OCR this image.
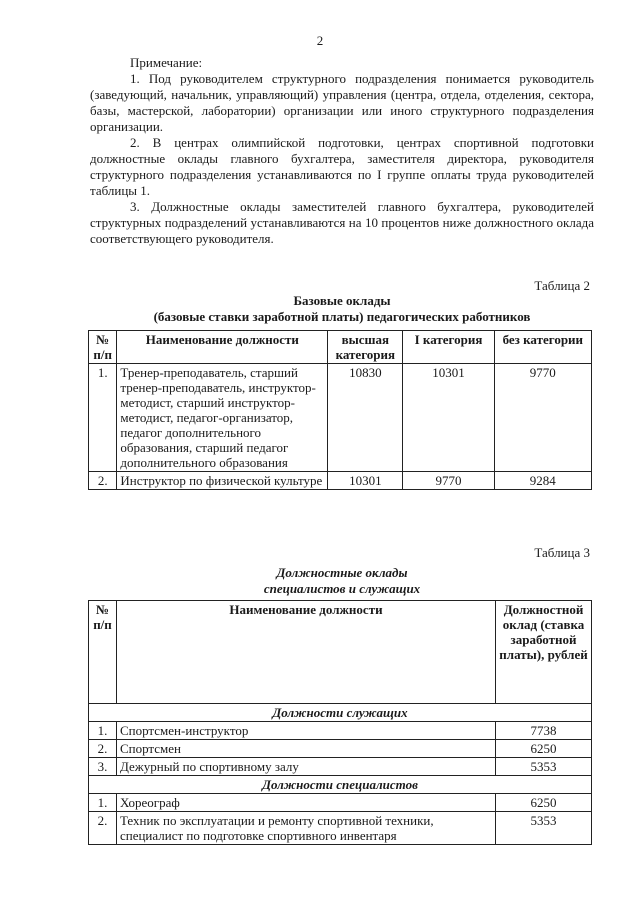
2

Примечание:

1. Под руководителем структурного подразделения понимается руководитель (заведующий, начальник, управляющий) управления (центра, отдела, отделения, сектора, базы, мастерской, лаборатории) организации или иного структурного подразделения организации.

2. В центрах олимпийской подготовки, центрах спортивной подготовки должностные оклады главного бухгалтера, заместителя директора, руководителя структурного подразделения устанавливаются по I группе оплаты труда руководителей таблицы 1.

3. Должностные оклады заместителей главного бухгалтера, руководителей структурных подразделений устанавливаются на 10 процентов ниже должностного оклада соответствующего руководителя.

Таблица 2
Базовые оклады
(базовые ставки заработной платы) педагогических работников
№ п/п	Наименование должности	высшая категория	I категория	без категории
1.	Тренер-преподаватель, старший тренер-преподаватель, инструктор-методист, старший инструктор-методист, педагог-организатор, педагог дополнительного образования, старший педагог дополнительного образования	10830	10301	9770
2.	Инструктор по физической культуре	10301	9770	9284
Таблица 3
Должностные оклады
специалистов и служащих
№ п/п	Наименование должности	Должностной оклад (ставка заработной платы), рублей
Должности служащих		
1.	Спортсмен-инструктор	7738
2.	Спортсмен	6250
3.	Дежурный по спортивному залу	5353
Должности специалистов		
1.	Хореограф	6250
2.	Техник по эксплуатации и ремонту спортивной техники, специалист по подготовке спортивного инвентаря	5353
